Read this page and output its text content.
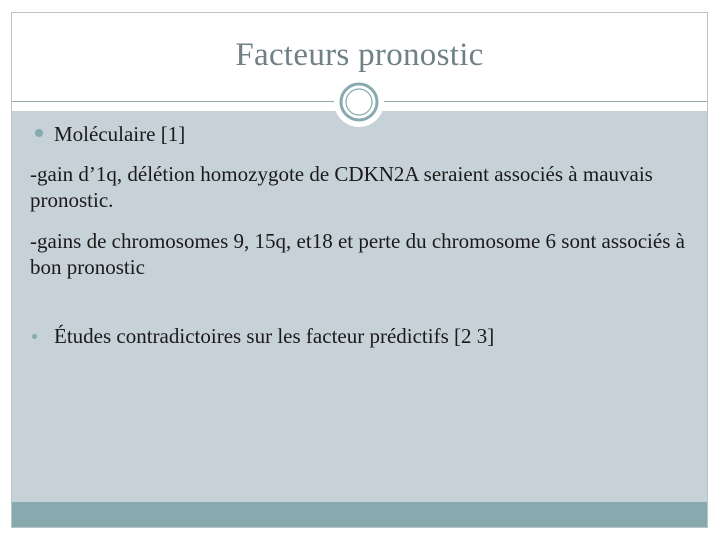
Facteurs pronostic
Moléculaire [1]
-gain d’1q, délétion homozygote de CDKN2A seraient associés à mauvais pronostic.
-gains de chromosomes 9, 15q, et18 et perte du chromosome 6 sont associés à bon pronostic
Études contradictoires sur les facteur prédictifs [2 3]
